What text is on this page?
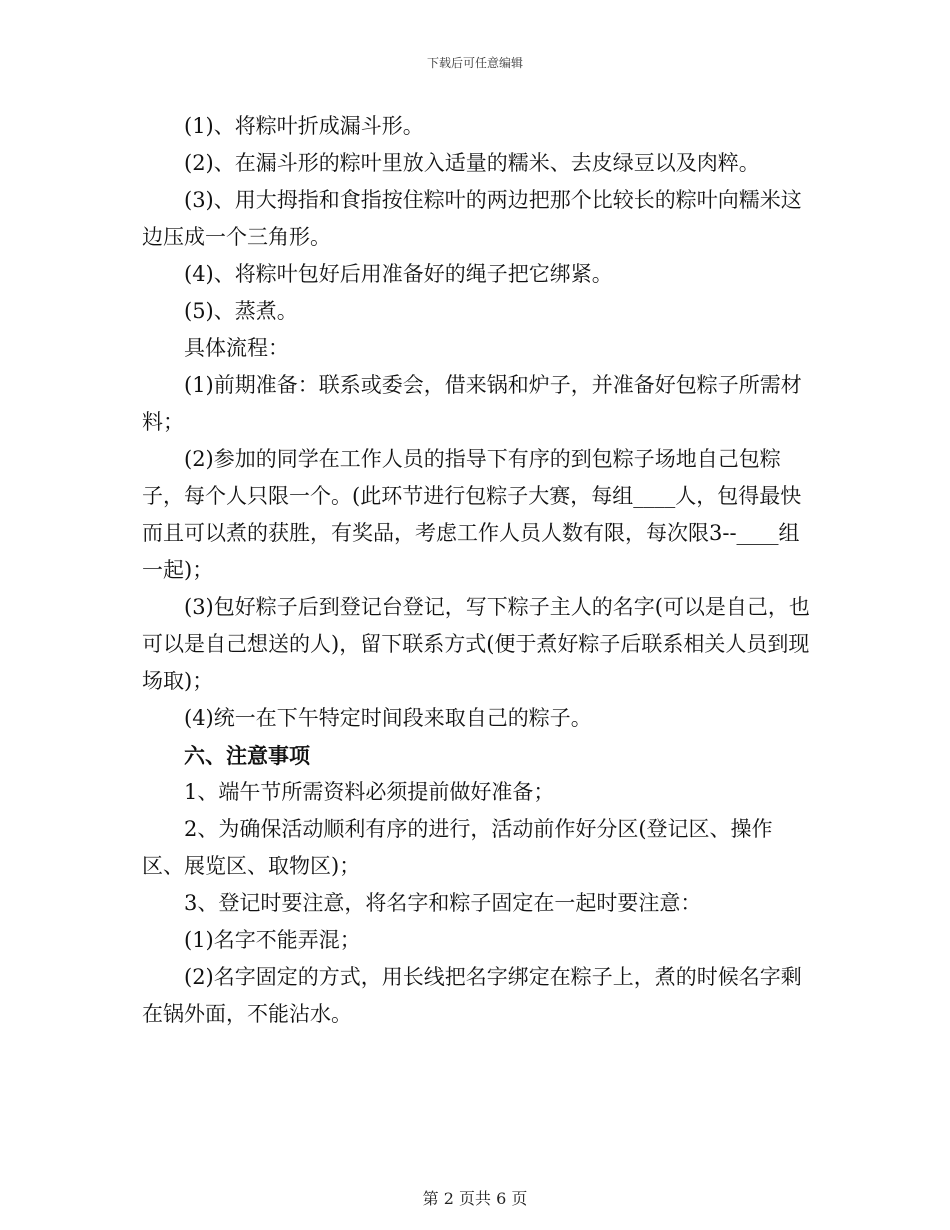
下载后可任意编辑

(1)、将粽叶折成漏斗形。

(2)、在漏斗形的粽叶里放入适量的糯米、去皮绿豆以及肉粹。

(3)、用大拇指和食指按住粽叶的两边把那个比较长的粽叶向糯米这边压成一个三角形。

(4)、将粽叶包好后用准备好的绳子把它绑紧。

(5)、蒸煮。

具体流程：

(1)前期准备：联系或委会，借来锅和炉子，并准备好包粽子所需材料；

(2)参加的同学在工作人员的指导下有序的到包粽子场地自己包粽子，每个人只限一个。(此环节进行包粽子大赛，每组____人，包得最快而且可以煮的获胜，有奖品，考虑工作人员人数有限，每次限3--____组一起)；

(3)包好粽子后到登记台登记，写下粽子主人的名字(可以是自己，也可以是自己想送的人)，留下联系方式(便于煮好粽子后联系相关人员到现场取)；

(4)统一在下午特定时间段来取自己的粽子。

六、注意事项

1、端午节所需资料必须提前做好准备；

2、为确保活动顺利有序的进行，活动前作好分区(登记区、操作区、展览区、取物区)；

3、登记时要注意，将名字和粽子固定在一起时要注意：

(1)名字不能弄混；

(2)名字固定的方式，用长线把名字绑定在粽子上，煮的时候名字剩在锅外面，不能沾水。

第 2 页共 6 页
